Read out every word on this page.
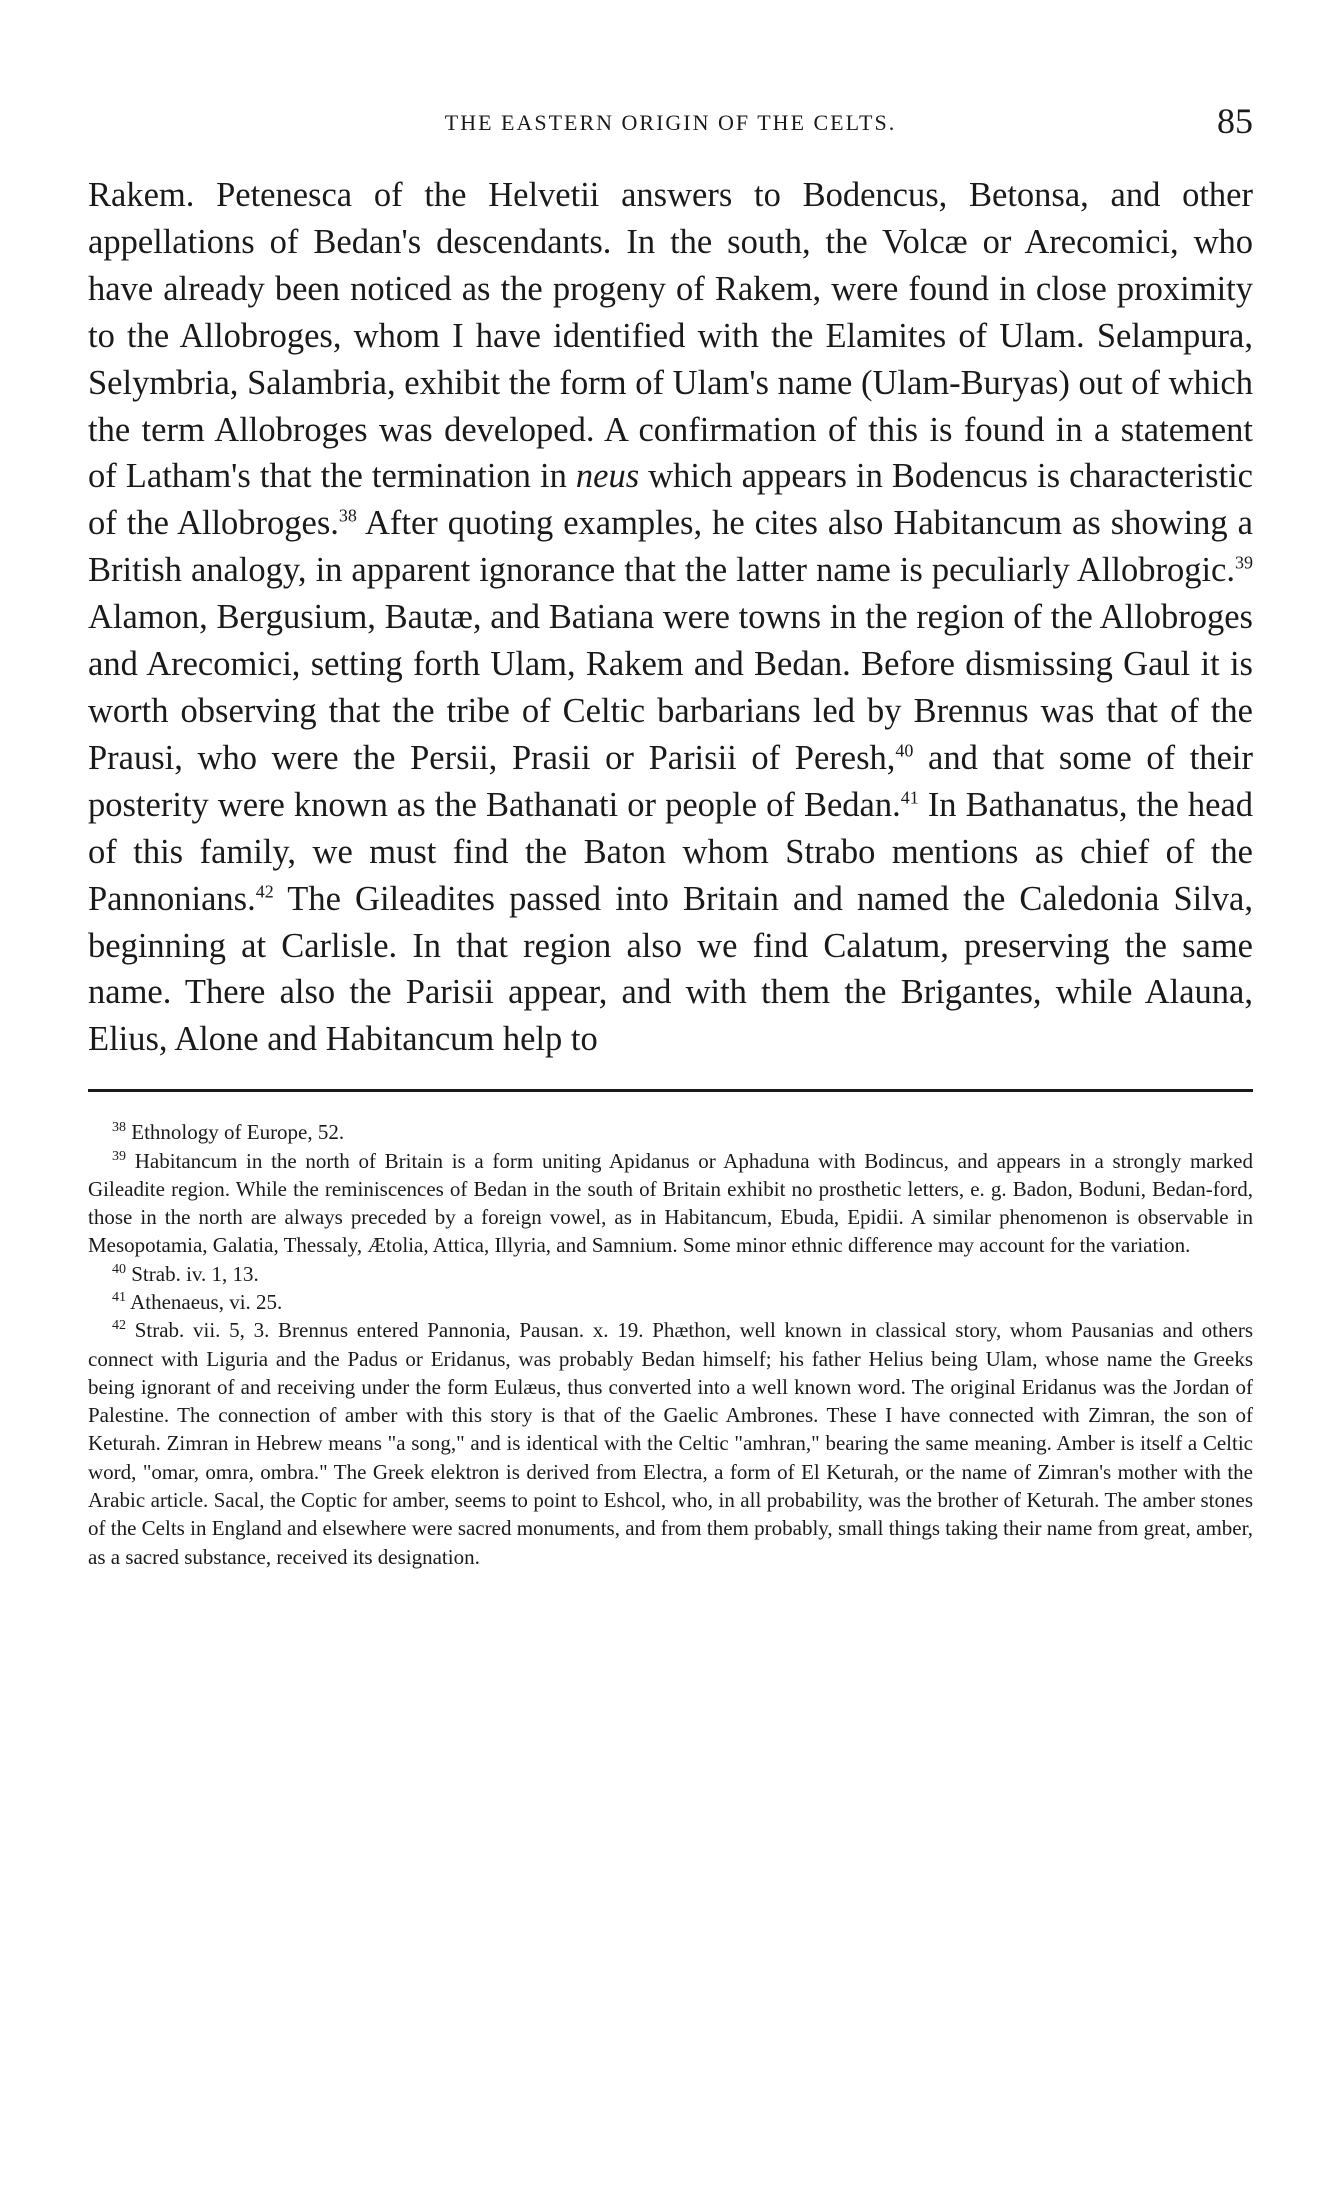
THE EASTERN ORIGIN OF THE CELTS.	85
Rakem. Petenesca of the Helvetii answers to Bodencus, Betonsa, and other appellations of Bedan's descendants. In the south, the Volcæ or Arecomici, who have already been noticed as the progeny of Rakem, were found in close proximity to the Allobroges, whom I have identified with the Elamites of Ulam. Selampura, Selymbria, Salambria, exhibit the form of Ulam's name (Ulam-Buryas) out of which the term Allobroges was developed. A confirmation of this is found in a statement of Latham's that the termination in neus which appears in Bodencus is characteristic of the Allobroges.$^{38}$ After quoting examples, he cites also Habitancum as showing a British analogy, in apparent ignorance that the latter name is peculiarly Allobrogic.$^{39}$ Alamon, Bergusium, Bautæ, and Batiana were towns in the region of the Allobroges and Arecomici, setting forth Ulam, Rakem and Bedan. Before dismissing Gaul it is worth observing that the tribe of Celtic barbarians led by Brennus was that of the Prausi, who were the Persii, Prasii or Parisii of Peresh,$^{40}$ and that some of their posterity were known as the Bathanati or people of Bedan.$^{41}$ In Bathanatus, the head of this family, we must find the Baton whom Strabo mentions as chief of the Pannonians.$^{42}$ The Gileadites passed into Britain and named the Caledonia Silva, beginning at Carlisle. In that region also we find Calatum, preserving the same name. There also the Parisii appear, and with them the Brigantes, while Alauna, Elius, Alone and Habitancum help to

$^{38}$ Ethnology of Europe, 52.

$^{39}$ Habitancum in the north of Britain is a form uniting Apidanus or Aphaduna with Bodincus, and appears in a strongly marked Gileadite region. While the reminiscences of Bedan in the south of Britain exhibit no prosthetic letters, e. g. Badon, Boduni, Bedan-ford, those in the north are always preceded by a foreign vowel, as in Habitancum, Ebuda, Epidii. A similar phenomenon is observable in Mesopotamia, Galatia, Thessaly, Ætolia, Attica, Illyria, and Samnium. Some minor ethnic difference may account for the variation.

$^{40}$ Strab. iv. 1, 13.

$^{41}$ Athenaeus, vi. 25.

$^{42}$ Strab. vii. 5, 3. Brennus entered Pannonia, Pausan. x. 19. Phæthon, well known in classical story, whom Pausanias and others connect with Liguria and the Padus or Eridanus, was probably Bedan himself; his father Helius being Ulam, whose name the Greeks being ignorant of and receiving under the form Eulæus, thus converted into a well known word. The original Eridanus was the Jordan of Palestine. The connection of amber with this story is that of the Gaelic Ambrones. These I have connected with Zimran, the son of Keturah. Zimran in Hebrew means "a song," and is identical with the Celtic "amhran," bearing the same meaning. Amber is itself a Celtic word, "omar, omra, ombra." The Greek elektron is derived from Electra, a form of El Keturah, or the name of Zimran's mother with the Arabic article. Sacal, the Coptic for amber, seems to point to Eshcol, who, in all probability, was the brother of Keturah. The amber stones of the Celts in England and elsewhere were sacred monuments, and from them probably, small things taking their name from great, amber, as a sacred substance, received its designation.
